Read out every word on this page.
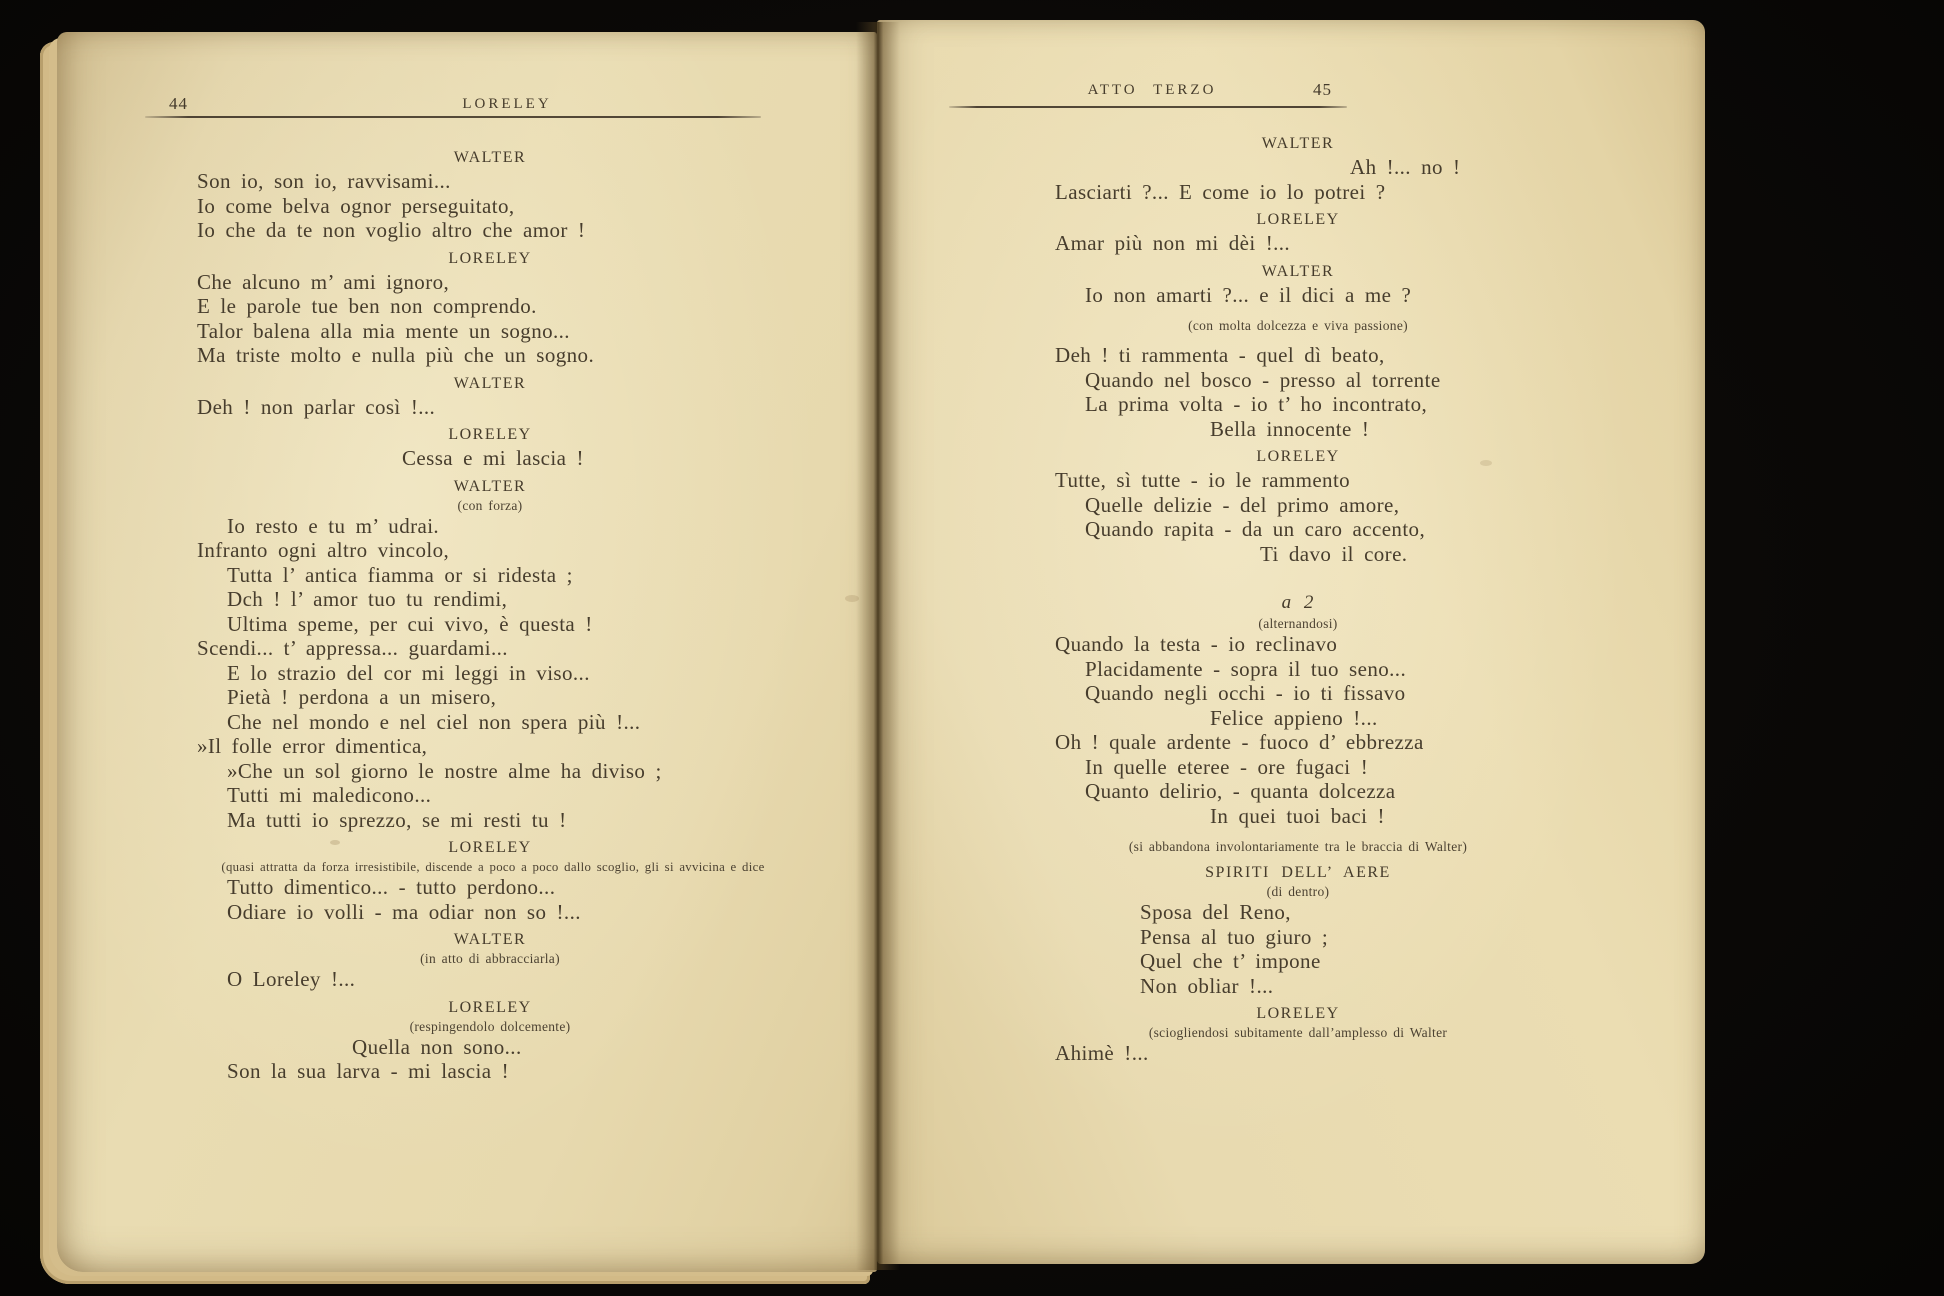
44	LORELEY
WALTER
Son io, son io, ravvisami...
Io come belva ognor perseguitato,
Io che da te non voglio altro che amor !
LORELEY
Che alcuno m’ ami ignoro,
E le parole tue ben non comprendo.
Talor balena alla mia mente un sogno...
Ma triste molto e nulla più che un sogno.
WALTER
Deh ! non parlar così !...
LORELEY
Cessa e mi lascia !
WALTER
(con forza)
Io resto e tu m’ udrai.
Infranto ogni altro vincolo,
Tutta l’ antica fiamma or si ridesta ;
Dch ! l’ amor tuo tu rendimi,
Ultima speme, per cui vivo, è questa !
Scendi... t’ appressa... guardami...
E lo strazio del cor mi leggi in viso...
Pietà ! perdona a un misero,
Che nel mondo e nel ciel non spera più !...
»Il folle error dimentica,
»Che un sol giorno le nostre alme ha diviso ;
Tutti mi maledicono...
Ma tutti io sprezzo, se mi resti tu !
LORELEY
(quasi attratta da forza irresistibile, discende a poco a poco dallo scoglio, gli si avvicina e dice
Tutto dimentico... - tutto perdono...
Odiare io volli - ma odiar non so !...
WALTER
(in atto di abbracciarla)
O Loreley !...
LORELEY
(respingendolo dolcemente)
Quella non sono...
Son la sua larva - mi lascia !
ATTO TERZO	45
WALTER
Ah !... no !
Lasciarti ?... E come io lo potrei ?
LORELEY
Amar più non mi dèi !...
WALTER
Io non amarti ?... e il dici a me ?
(con molta dolcezza e viva passione)
Deh ! ti rammenta - quel dì beato,
Quando nel bosco - presso al torrente
La prima volta - io t’ ho incontrato,
Bella innocente !
LORELEY
Tutte, sì tutte - io le rammento
Quelle delizie - del primo amore,
Quando rapita - da un caro accento,
Ti davo il core.
a 2
(alternandosi)
Quando la testa - io reclinavo
Placidamente - sopra il tuo seno...
Quando negli occhi - io ti fissavo
Felice appieno !...
Oh ! quale ardente - fuoco d’ ebbrezza
In quelle eteree - ore fugaci !
Quanto delirio, - quanta dolcezza
In quei tuoi baci !
(si abbandona involontariamente tra le braccia di Walter)
SPIRITI DELL’ AERE
(di dentro)
Sposa del Reno,
Pensa al tuo giuro ;
Quel che t’ impone
Non obliar !...
LORELEY
(sciogliendosi subitamente dall’amplesso di Walter
Ahimè !...
